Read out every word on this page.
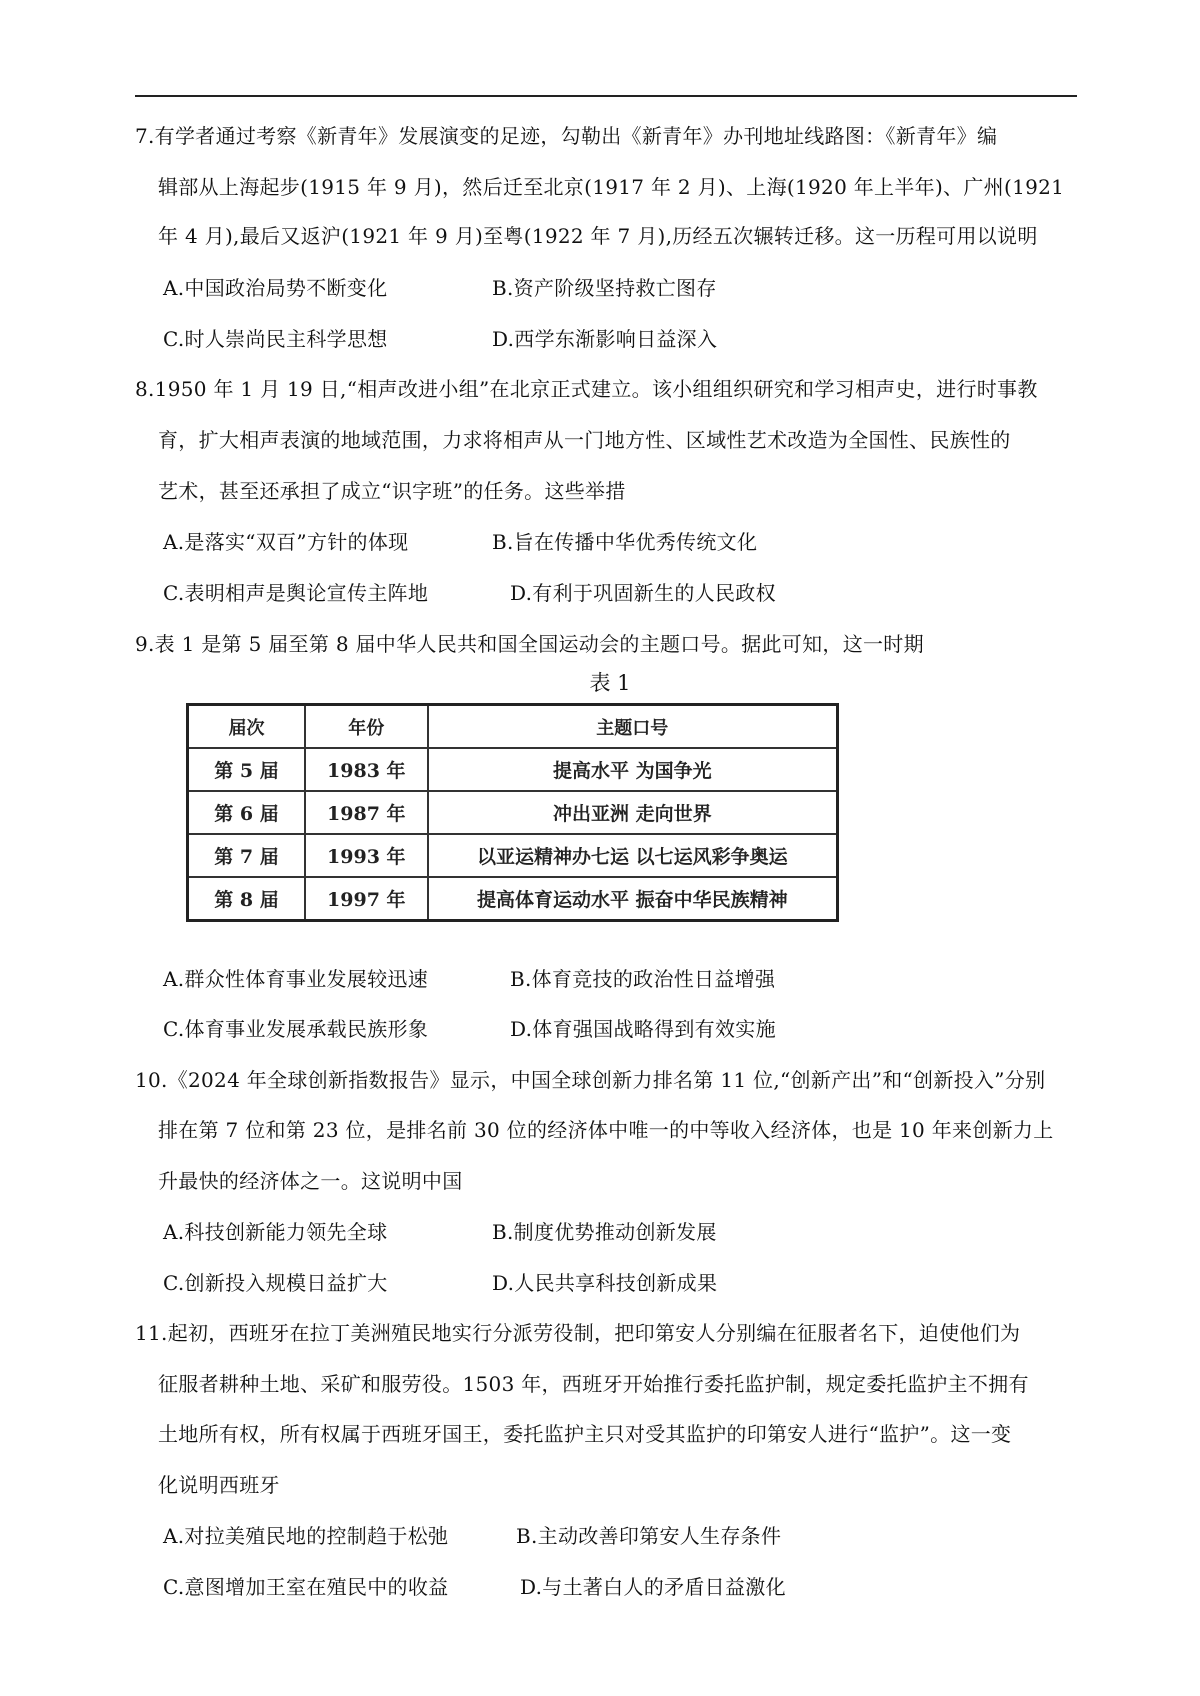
7.有学者通过考察《新青年》发展演变的足迹，勾勒出《新青年》办刊地址线路图：《新青年》编
辑部从上海起步(1915 年 9 月)，然后迁至北京(1917 年 2 月)、上海(1920 年上半年)、广州(1921
年 4 月),最后又返沪(1921 年 9 月)至粤(1922 年 7 月),历经五次辗转迁移。这一历程可用以说明
A.中国政治局势不断变化	B.资产阶级坚持救亡图存
C.时人崇尚民主科学思想	D.西学东渐影响日益深入
8.1950 年 1 月 19 日,“相声改进小组”在北京正式建立。该小组组织研究和学习相声史，进行时事教
育，扩大相声表演的地域范围，力求将相声从一门地方性、区域性艺术改造为全国性、民族性的
艺术，甚至还承担了成立“识字班”的任务。这些举措
A.是落实“双百”方针的体现	B.旨在传播中华优秀传统文化
C.表明相声是舆论宣传主阵地	D.有利于巩固新生的人民政权
9.表 1 是第 5 届至第 8 届中华人民共和国全国运动会的主题口号。据此可知，这一时期
表 1
届次	年份	主题口号
第 5 届	1983 年	提高水平 为国争光
第 6 届	1987 年	冲出亚洲 走向世界
第 7 届	1993 年	以亚运精神办七运 以七运风彩争奥运
第 8 届	1997 年	提高体育运动水平 振奋中华民族精神
A.群众性体育事业发展较迅速	B.体育竞技的政治性日益增强
C.体育事业发展承载民族形象	D.体育强国战略得到有效实施
10.《2024 年全球创新指数报告》显示，中国全球创新力排名第 11 位,“创新产出”和“创新投入”分别
排在第 7 位和第 23 位，是排名前 30 位的经济体中唯一的中等收入经济体，也是 10 年来创新力上
升最快的经济体之一。这说明中国
A.科技创新能力领先全球	B.制度优势推动创新发展
C.创新投入规模日益扩大	D.人民共享科技创新成果
11.起初，西班牙在拉丁美洲殖民地实行分派劳役制，把印第安人分别编在征服者名下，迫使他们为
征服者耕种土地、采矿和服劳役。1503 年，西班牙开始推行委托监护制，规定委托监护主不拥有
土地所有权，所有权属于西班牙国王，委托监护主只对受其监护的印第安人进行“监护”。这一变
化说明西班牙
A.对拉美殖民地的控制趋于松弛	B.主动改善印第安人生存条件
C.意图增加王室在殖民中的收益	D.与土著白人的矛盾日益激化
